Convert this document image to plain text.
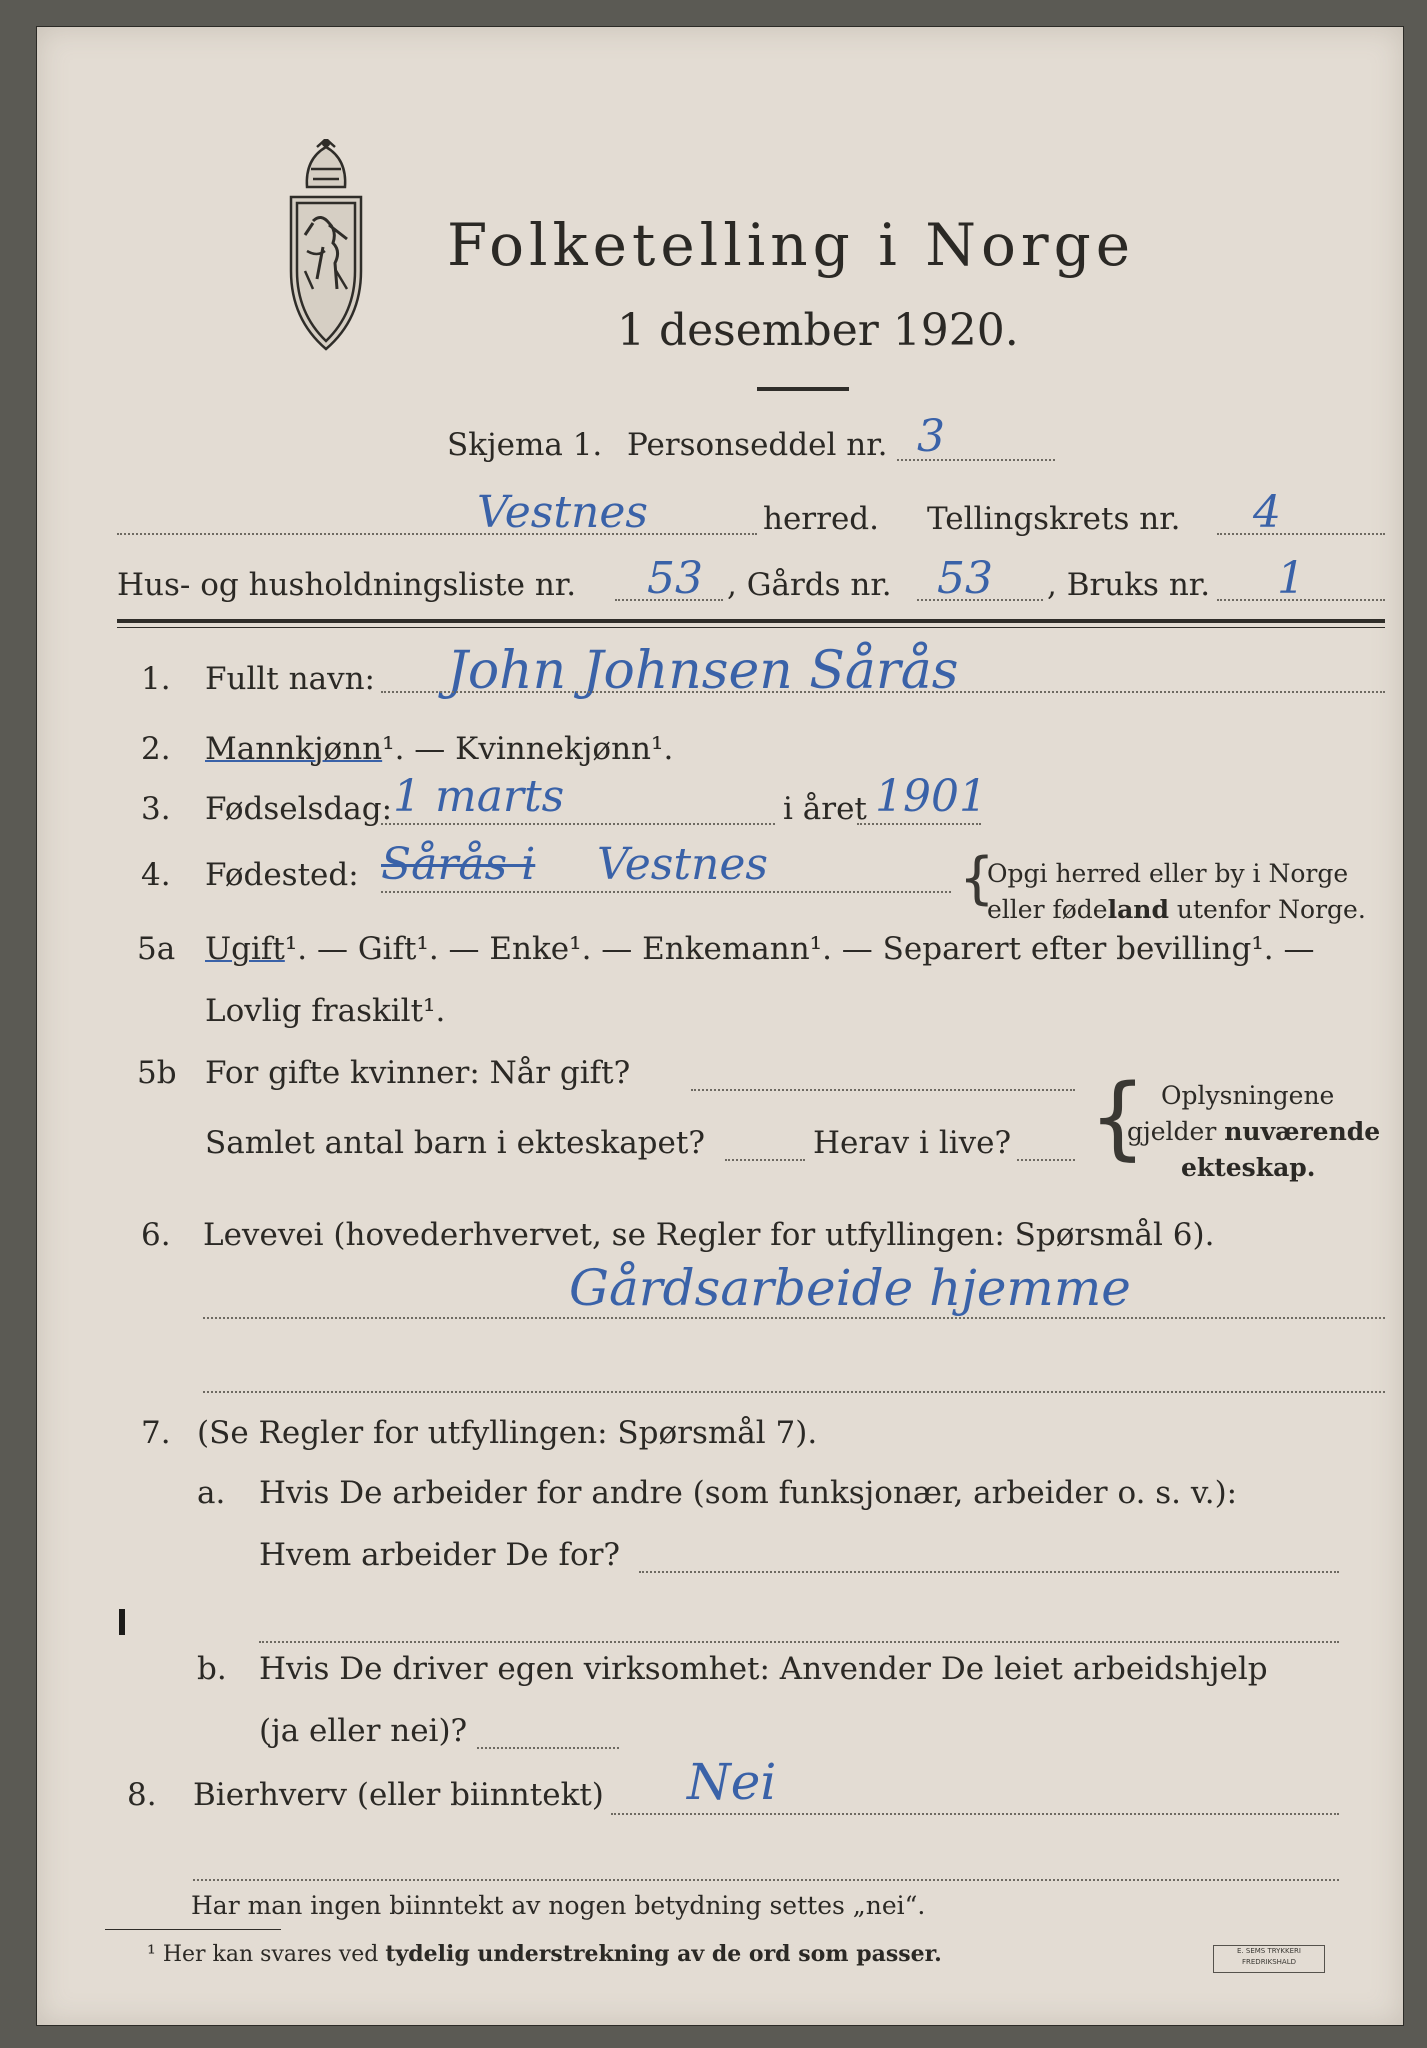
Folketelling i Norge
1 desember 1920.
Skjema 1. Personseddel nr. 3
Vestnes	herred. Tellingskrets nr. 4
Hus- og husholdningsliste nr. 53 , Gårds nr. 53 , Bruks nr. 1
1. Fullt navn: John Johnsen Sårås
2. Mannkjønn¹. — Kvinnekjønn¹.
3. Fødselsdag: 1 marts	i året 1901
4. Fødested: Sårås i Vestnes	{
Opgi herred eller by i Norge
eller fødeland utenfor Norge.
5a Ugift¹. — Gift¹. — Enke¹. — Enkemann¹. — Separert efter bevilling¹. —
Lovlig fraskilt¹.
5b For gifte kvinner: Når gift?
Samlet antal barn i ekteskapet?	Herav i live? { Oplysningene
gjelder nuværende
ekteskap.
6. Levevei (hovederhvervet, se Regler for utfyllingen: Spørsmål 6).
Gårdsarbeide hjemme
7. (Se Regler for utfyllingen: Spørsmål 7).
a. Hvis De arbeider for andre (som funksjonær, arbeider o. s. v.):
Hvem arbeider De for?
b. Hvis De driver egen virksomhet: Anvender De leiet arbeidshjelp
(ja eller nei)?
8. Bierhverv (eller biinntekt) Nei
Har man ingen biinntekt av nogen betydning settes „nei“.
¹ Her kan svares ved tydelig understrekning av de ord som passer.	E. SEMS TRYKKERI
FREDRIKSHALD
